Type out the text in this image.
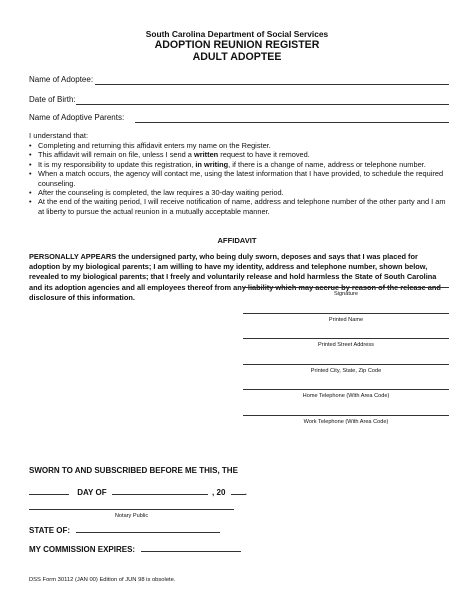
South Carolina Department of Social Services
ADOPTION REUNION REGISTER
ADULT ADOPTEE
Name of Adoptee:
Date of Birth:
Name of Adoptive Parents:
I understand that:
• Completing and returning this affidavit enters my name on the Register.
• This affidavit will remain on file, unless I send a written request to have it removed.
• It is my responsibility to update this registration, in writing, if there is a change of name, address or telephone number.
• When a match occurs, the agency will contact me, using the latest information that I have provided, to schedule the required counseling.
• After the counseling is completed, the law requires a 30-day waiting period.
• At the end of the waiting period, I will receive notification of name, address and telephone number of the other party and I am at liberty to pursue the actual reunion in a mutually acceptable manner.
AFFIDAVIT
PERSONALLY APPEARS the undersigned party, who being duly sworn, deposes and says that I was placed for adoption by my biological parents; I am willing to have my identity, address and telephone number, shown below, revealed to my biological parents; that I freely and voluntarily release and hold harmless the State of South Carolina and its adoption agencies and all employees thereof from any liability which may accrue by reason of the release and disclosure of this information.	Signature
Printed Name
Printed Street Address
Printed City, State, Zip Code
Home Telephone (With Area Code)
Work Telephone (With Area Code)
SWORN TO AND SUBSCRIBED BEFORE ME THIS, THE
DAY OF	, 20 .
Notary Public
STATE OF:
MY COMMISSION EXPIRES:
DSS Form 30112 (JAN 00) Edition of JUN 98 is obsolete.
